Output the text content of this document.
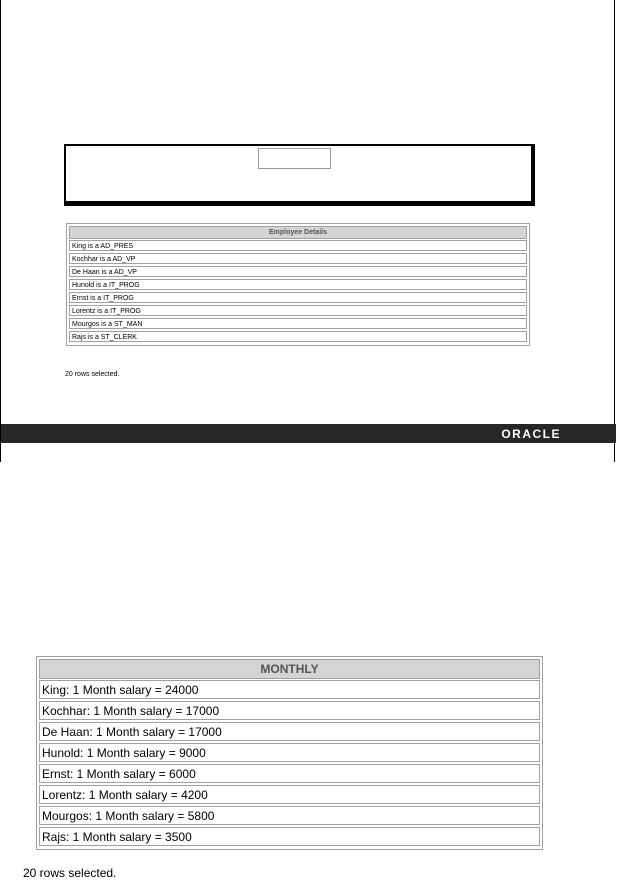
Employee Details
King is a AD_PRES
Kochhar is a AD_VP
De Haan is a AD_VP
Hunold is a IT_PROG
Ernst is a IT_PROG
Lorentz is a IT_PROG
Mourgos is a ST_MAN
Rajs is a ST_CLERK
20 rows selected.
ORACLE
MONTHLY
King: 1 Month salary = 24000
Kochhar: 1 Month salary = 17000
De Haan: 1 Month salary = 17000
Hunold: 1 Month salary = 9000
Ernst: 1 Month salary = 6000
Lorentz: 1 Month salary = 4200
Mourgos: 1 Month salary = 5800
Rajs: 1 Month salary = 3500
20 rows selected.
